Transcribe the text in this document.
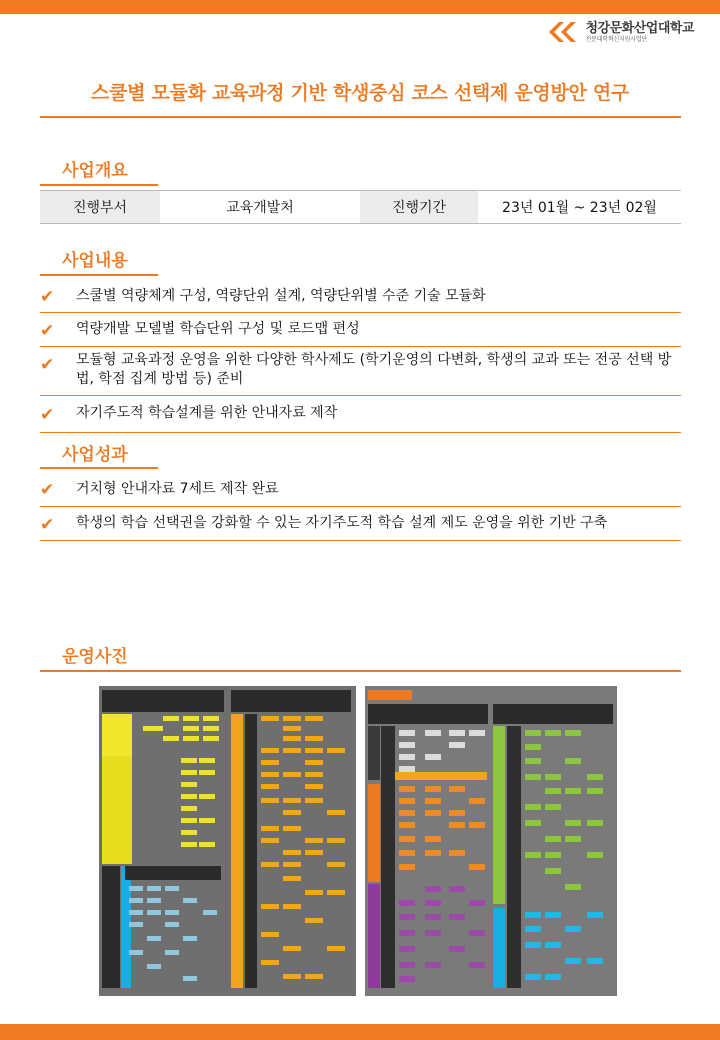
청강문화산업대학교
전문대학혁신지원사업단
스쿨별 모듈화 교육과정 기반 학생중심 코스 선택제 운영방안 연구
사업개요
진행부서	교육개발처	진행기간	23년 01월 ~ 23년 02월
사업내용
✔ 스쿨별 역량체계 구성, 역량단위 설계, 역량단위별 수준 기술 모듈화
✔ 역량개발 모델별 학습단위 구성 및 로드맵 편성
✔ 모듈형 교육과정 운영을 위한 다양한 학사제도 (학기운영의 다변화, 학생의 교과 또는 전공 선택 방법, 학점 집계 방법 등) 준비
✔ 자기주도적 학습설계를 위한 안내자료 제작
사업성과
✔ 거치형 안내자료 7세트 제작 완료
✔ 학생의 학습 선택권을 강화할 수 있는 자기주도적 학습 설계 제도 운영을 위한 기반 구축
운영사진
